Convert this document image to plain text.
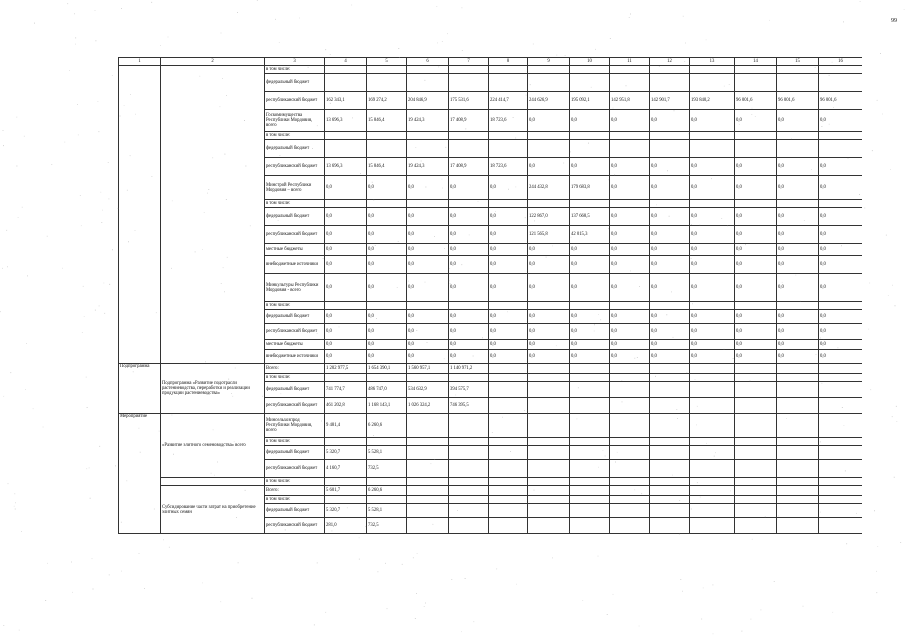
99
1	2	3	4	5	6	7	8	9	10	11	12	13	14	15	16
		в том числе:													
		федеральный бюджет													
		республиканский бюджет	162 343,1	169 274,2	204 846,9	175 531,6	224 414,7	244 626,9	195 092,1	142 951,8	142 901,7	193 840,2	96 001,6	96 001,6	96 001,6
		Госкомимущества Республики Мордовия, всего	13 696,3	15 846,4	19 424,3	17 408,9	18 723,6	0,0	0,0	0,0	0,0	0,0	0,0	0,0	0,0
		в том числе:													
		федеральный бюджет													
		республиканский бюджет	13 696,3	15 846,4	19 424,3	17 408,9	18 723,6	0,0	0,0	0,0	0,0	0,0	0,0	0,0	0,0
		Минстрой Республики Мордовия – всего	0,0	0,0	0,0	0,0	0,0	244 432,8	179 683,8	0,0	0,0	0,0	0,0	0,0	0,0
		в том числе:													
		федеральный бюджет	0,0	0,0	0,0	0,0	0,0	122 867,0	137 668,5	0,0	0,0	0,0	0,0	0,0	0,0
		республиканский бюджет	0,0	0,0	0,0	0,0	0,0	121 565,8	42 015,3	0,0	0,0	0,0	0,0	0,0	0,0
		местные бюджеты	0,0	0,0	0,0	0,0	0,0	0,0	0,0	0,0	0,0	0,0	0,0	0,0	0,0
		внебюджетные источники	0,0	0,0	0,0	0,0	0,0	0,0	0,0	0,0	0,0	0,0	0,0	0,0	0,0
		Минкультуры Республики Мордовия - всего	0,0	0,0	0,0	0,0	0,0	0,0	0,0	0,0	0,0	0,0	0,0	0,0	0,0
		в том числе:													
		федеральный бюджет	0,0	0,0	0,0	0,0	0,0	0,0	0,0	0,0	0,0	0,0	0,0	0,0	0,0
		республиканский бюджет	0,0	0,0	0,0	0,0	0,0	0,0	0,0	0,0	0,0	0,0	0,0	0,0	0,0
		местные бюджеты	0,0	0,0	0,0	0,0	0,0	0,0	0,0	0,0	0,0	0,0	0,0	0,0	0,0
		внебюджетные источники	0,0	0,0	0,0	0,0	0,0	0,0	0,0	0,0	0,0	0,0	0,0	0,0	0,0
Подпрограмма	Подпрограмма «Развитие подотрасли растениеводства, переработки и реализации продукции растениеводства»	Всего:	1 202 977,5	1 654 390,1	1 560 957,1	1 140 971,2									
		в том числе:													
		федеральный бюджет	741 774,7	486 747,0	534 632,9	394 575,7									
		республиканский бюджет	461 202,8	1 168 143,1	1 026 324,2	746 395,5									
Мероприятие	«Развитие элитного семеноводства» всего	Минсельхозпрод Республики Мордовия, всего	9 481,4	6 260,6											
		в том числе:													
		федеральный бюджет	5 320,7	5 528,1											
		республиканский бюджет	4 160,7	732,5											
		в том числе:													
	Субсидирование части затрат на приобретение элитных семян	Всего:	5 601,7	6 260,6											
		в том числе:													
		федеральный бюджет	5 320,7	5 528,1											
		республиканский бюджет	281,0	732,5											
